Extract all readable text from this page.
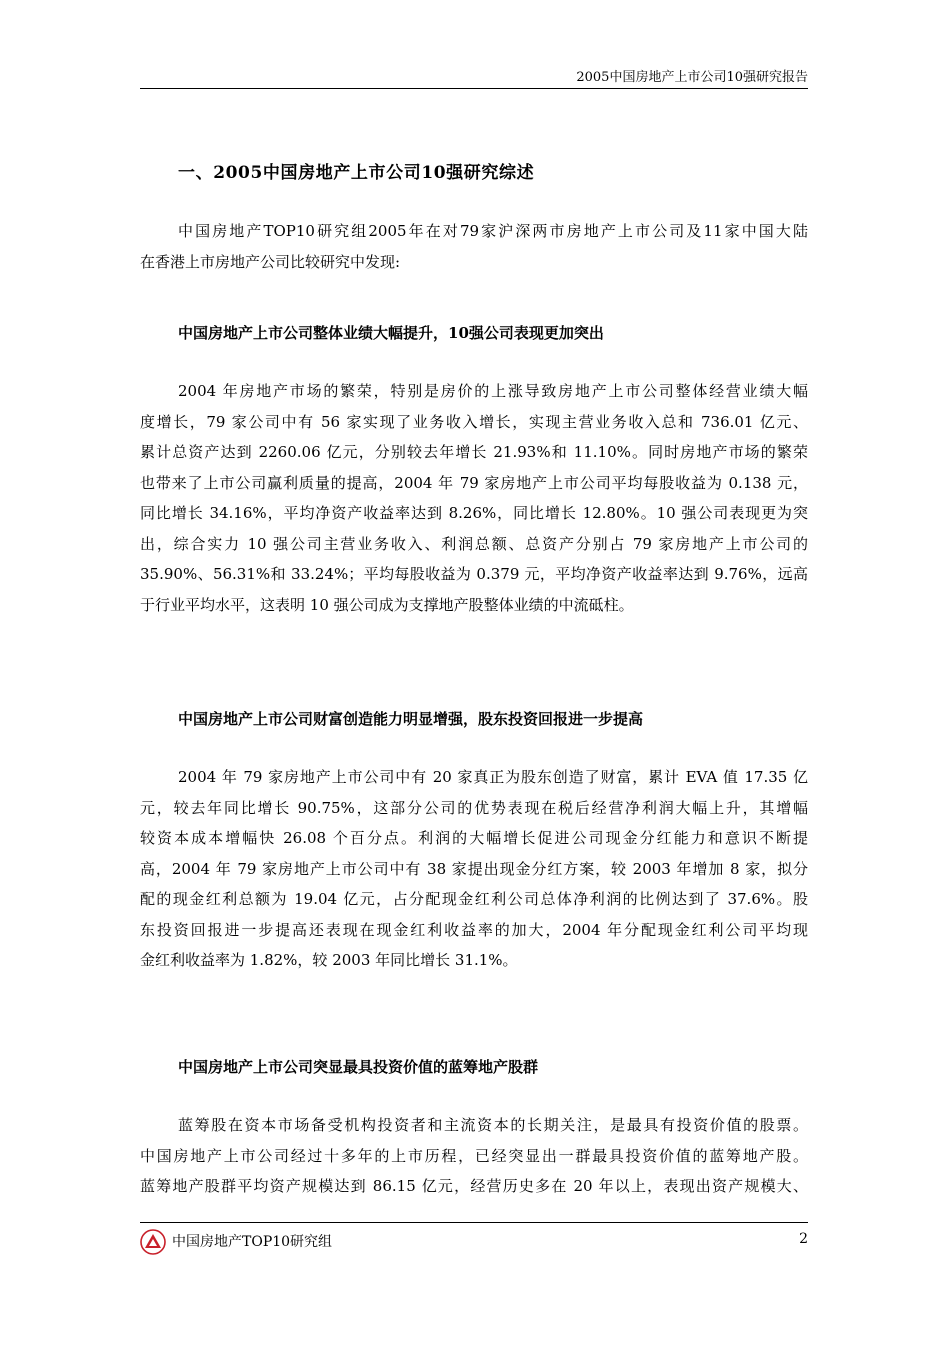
2005中国房地产上市公司10强研究报告
一、2005中国房地产上市公司10强研究综述
中国房地产TOP10研究组2005年在对79家沪深两市房地产上市公司及11家中国大陆
在香港上市房地产公司比较研究中发现:
中国房地产上市公司整体业绩大幅提升，10强公司表现更加突出
2004 年房地产市场的繁荣，特别是房价的上涨导致房地产上市公司整体经营业绩大幅
度增长，79 家公司中有 56 家实现了业务收入增长，实现主营业务收入总和 736.01 亿元、
累计总资产达到 2260.06 亿元，分别较去年增长 21.93%和 11.10%。同时房地产市场的繁荣
也带来了上市公司赢利质量的提高，2004 年 79 家房地产上市公司平均每股收益为 0.138 元，
同比增长 34.16%，平均净资产收益率达到 8.26%，同比增长 12.80%。10 强公司表现更为突
出，综合实力 10 强公司主营业务收入、利润总额、总资产分别占 79 家房地产上市公司的
35.90%、56.31%和 33.24%；平均每股收益为 0.379 元，平均净资产收益率达到 9.76%，远高
于行业平均水平，这表明 10 强公司成为支撑地产股整体业绩的中流砥柱。
中国房地产上市公司财富创造能力明显增强，股东投资回报进一步提高
2004 年 79 家房地产上市公司中有 20 家真正为股东创造了财富，累计 EVA 值 17.35 亿
元，较去年同比增长 90.75%，这部分公司的优势表现在税后经营净利润大幅上升，其增幅
较资本成本增幅快 26.08 个百分点。利润的大幅增长促进公司现金分红能力和意识不断提
高，2004 年 79 家房地产上市公司中有 38 家提出现金分红方案，较 2003 年增加 8 家，拟分
配的现金红利总额为 19.04 亿元，占分配现金红利公司总体净利润的比例达到了 37.6%。股
东投资回报进一步提高还表现在现金红利收益率的加大，2004 年分配现金红利公司平均现
金红利收益率为 1.82%，较 2003 年同比增长 31.1%。
中国房地产上市公司突显最具投资价值的蓝筹地产股群
蓝筹股在资本市场备受机构投资者和主流资本的长期关注，是最具有投资价值的股票。
中国房地产上市公司经过十多年的上市历程，已经突显出一群最具投资价值的蓝筹地产股。
蓝筹地产股群平均资产规模达到 86.15 亿元，经营历史多在 20 年以上，表现出资产规模大、
中国房地产TOP10研究组	2
